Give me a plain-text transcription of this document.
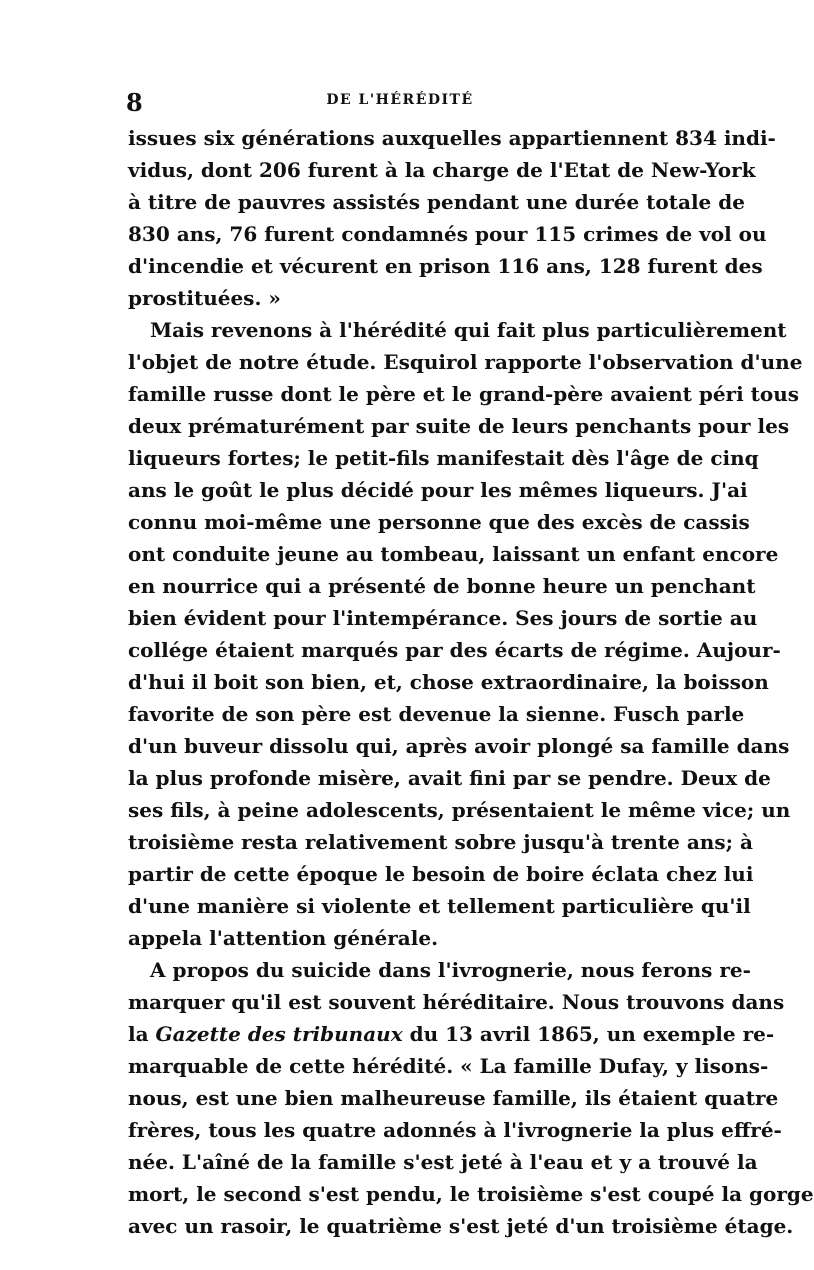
8	DE L'HÉRÉDITÉ
issues six générations auxquelles appartiennent 834 indi-
vidus, dont 206 furent à la charge de l'Etat de New-York
à titre de pauvres assistés pendant une durée totale de
830 ans, 76 furent condamnés pour 115 crimes de vol ou
d'incendie et vécurent en prison 116 ans, 128 furent des
prostituées. »
Mais revenons à l'hérédité qui fait plus particulièrement
l'objet de notre étude. Esquirol rapporte l'observation d'une
famille russe dont le père et le grand-père avaient péri tous
deux prématurément par suite de leurs penchants pour les
liqueurs fortes; le petit-fils manifestait dès l'âge de cinq
ans le goût le plus décidé pour les mêmes liqueurs. J'ai
connu moi-même une personne que des excès de cassis
ont conduite jeune au tombeau, laissant un enfant encore
en nourrice qui a présenté de bonne heure un penchant
bien évident pour l'intempérance. Ses jours de sortie au
collége étaient marqués par des écarts de régime. Aujour-
d'hui il boit son bien, et, chose extraordinaire, la boisson
favorite de son père est devenue la sienne. Fusch parle
d'un buveur dissolu qui, après avoir plongé sa famille dans
la plus profonde misère, avait fini par se pendre. Deux de
ses fils, à peine adolescents, présentaient le même vice; un
troisième resta relativement sobre jusqu'à trente ans; à
partir de cette époque le besoin de boire éclata chez lui
d'une manière si violente et tellement particulière qu'il
appela l'attention générale.
A propos du suicide dans l'ivrognerie, nous ferons re-
marquer qu'il est souvent héréditaire. Nous trouvons dans
la Gazette des tribunaux du 13 avril 1865, un exemple re-
marquable de cette hérédité. « La famille Dufay, y lisons-
nous, est une bien malheureuse famille, ils étaient quatre
frères, tous les quatre adonnés à l'ivrognerie la plus effré-
née. L'aîné de la famille s'est jeté à l'eau et y a trouvé la
mort, le second s'est pendu, le troisième s'est coupé la gorge
avec un rasoir, le quatrième s'est jeté d'un troisième étage.
